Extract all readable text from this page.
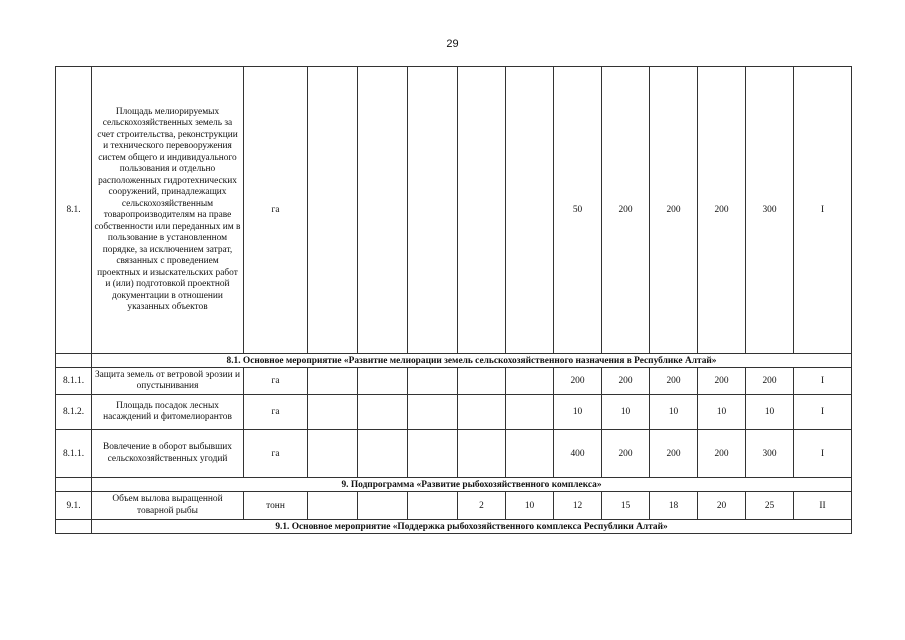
29
8.1.	Площадь мелиорируемых сельскохозяйственных земель за счет строительства, реконструкции и технического перевооружения систем общего и индивидуального пользования и отдельно расположенных гидротехнических сооружений, принадлежащих сельскохозяйственным товаропроизводителям на праве собственности или переданных им в пользование в установленном порядке, за исключением затрат, связанных с проведением проектных и изыскательских работ и (или) подготовкой проектной документации в отношении указанных объектов	га						50	200	200	200	300	I
	8.1. Основное мероприятие «Развитие мелиорации земель сельскохозяйственного назначения в Республике Алтай»												
8.1.1.	Защита земель от ветровой эрозии и опустынивания	га						200	200	200	200	200	I
8.1.2.	Площадь посадок лесных насаждений и фитомелиорантов	га						10	10	10	10	10	I
8.1.1.	Вовлечение в оборот выбывших сельскохозяйственных угодий	га						400	200	200	200	300	I
	9. Подпрограмма «Развитие рыбохозяйственного комплекса»												
9.1.	Объем вылова выращенной товарной рыбы	тонн				2	10	12	15	18	20	25	II
	9.1. Основное мероприятие «Поддержка рыбохозяйственного комплекса Республики Алтай»												
